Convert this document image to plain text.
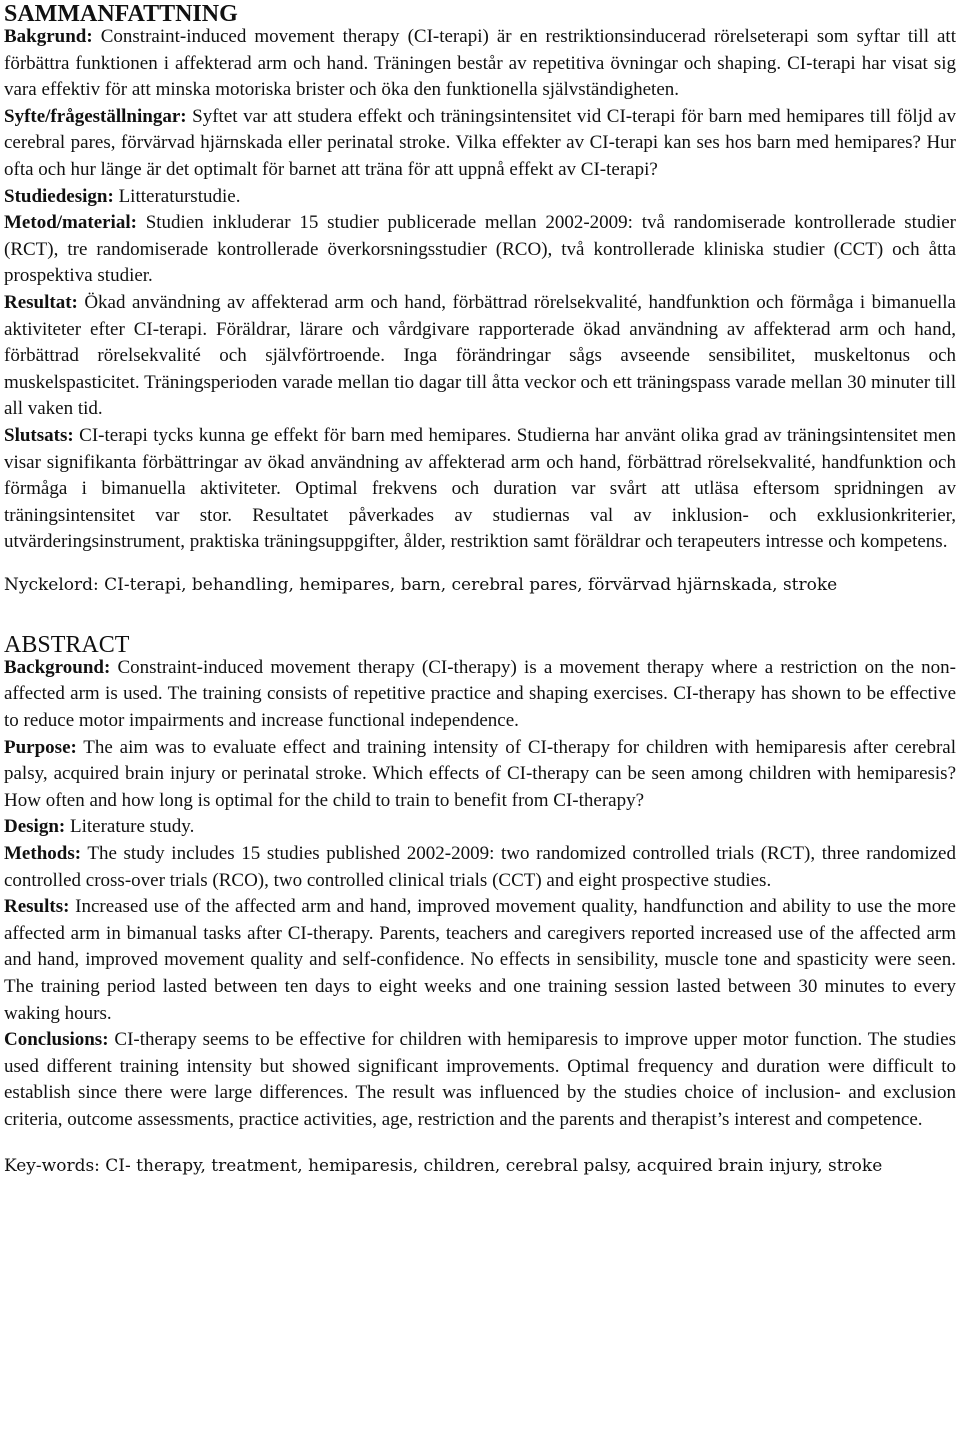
SAMMANFATTNING
Bakgrund: Constraint-induced movement therapy (CI-terapi) är en restriktionsinducerad rörelseterapi som syftar till att förbättra funktionen i affekterad arm och hand. Träningen består av repetitiva övningar och shaping. CI-terapi har visat sig vara effektiv för att minska motoriska brister och öka den funktionella självständigheten.
Syfte/frågeställningar: Syftet var att studera effekt och träningsintensitet vid CI-terapi för barn med hemipares till följd av cerebral pares, förvärvad hjärnskada eller perinatal stroke. Vilka effekter av CI-terapi kan ses hos barn med hemipares? Hur ofta och hur länge är det optimalt för barnet att träna för att uppnå effekt av CI-terapi?
Studiedesign: Litteraturstudie.
Metod/material: Studien inkluderar 15 studier publicerade mellan 2002-2009: två randomiserade kontrollerade studier (RCT), tre randomiserade kontrollerade överkorsningsstudier (RCO), två kontrollerade kliniska studier (CCT) och åtta prospektiva studier.
Resultat: Ökad användning av affekterad arm och hand, förbättrad rörelsekvalité, handfunktion och förmåga i bimanuella aktiviteter efter CI-terapi. Föräldrar, lärare och vårdgivare rapporterade ökad användning av affekterad arm och hand, förbättrad rörelsekvalité och självförtroende. Inga förändringar sågs avseende sensibilitet, muskeltonus och muskelspasticitet. Träningsperioden varade mellan tio dagar till åtta veckor och ett träningspass varade mellan 30 minuter till all vaken tid.
Slutsats: CI-terapi tycks kunna ge effekt för barn med hemipares. Studierna har använt olika grad av träningsintensitet men visar signifikanta förbättringar av ökad användning av affekterad arm och hand, förbättrad rörelsekvalité, handfunktion och förmåga i bimanuella aktiviteter. Optimal frekvens och duration var svårt att utläsa eftersom spridningen av träningsintensitet var stor. Resultatet påverkades av studiernas val av inklusion- och exklusionkriterier, utvärderingsinstrument, praktiska träningsuppgifter, ålder, restriktion samt föräldrar och terapeuters intresse och kompetens.

Nyckelord: CI-terapi, behandling, hemipares, barn, cerebral pares, förvärvad hjärnskada, stroke

ABSTRACT
Background: Constraint-induced movement therapy (CI-therapy) is a movement therapy where a restriction on the non-affected arm is used. The training consists of repetitive practice and shaping exercises. CI-therapy has shown to be effective to reduce motor impairments and increase functional independence.
Purpose: The aim was to evaluate effect and training intensity of CI-therapy for children with hemiparesis after cerebral palsy, acquired brain injury or perinatal stroke. Which effects of CI-therapy can be seen among children with hemiparesis? How often and how long is optimal for the child to train to benefit from CI-therapy?
Design: Literature study.
Methods: The study includes 15 studies published 2002-2009: two randomized controlled trials (RCT), three randomized controlled cross-over trials (RCO), two controlled clinical trials (CCT) and eight prospective studies.
Results: Increased use of the affected arm and hand, improved movement quality, handfunction and ability to use the more affected arm in bimanual tasks after CI-therapy. Parents, teachers and caregivers reported increased use of the affected arm and hand, improved movement quality and self-confidence. No effects in sensibility, muscle tone and spasticity were seen. The training period lasted between ten days to eight weeks and one training session lasted between 30 minutes to every waking hours.
Conclusions: CI-therapy seems to be effective for children with hemiparesis to improve upper motor function. The studies used different training intensity but showed significant improvements. Optimal frequency and duration were difficult to establish since there were large differences. The result was influenced by the studies choice of inclusion- and exclusion criteria, outcome assessments, practice activities, age, restriction and the parents and therapist’s interest and competence.

Key-words: CI- therapy, treatment, hemiparesis, children, cerebral palsy, acquired brain injury, stroke
